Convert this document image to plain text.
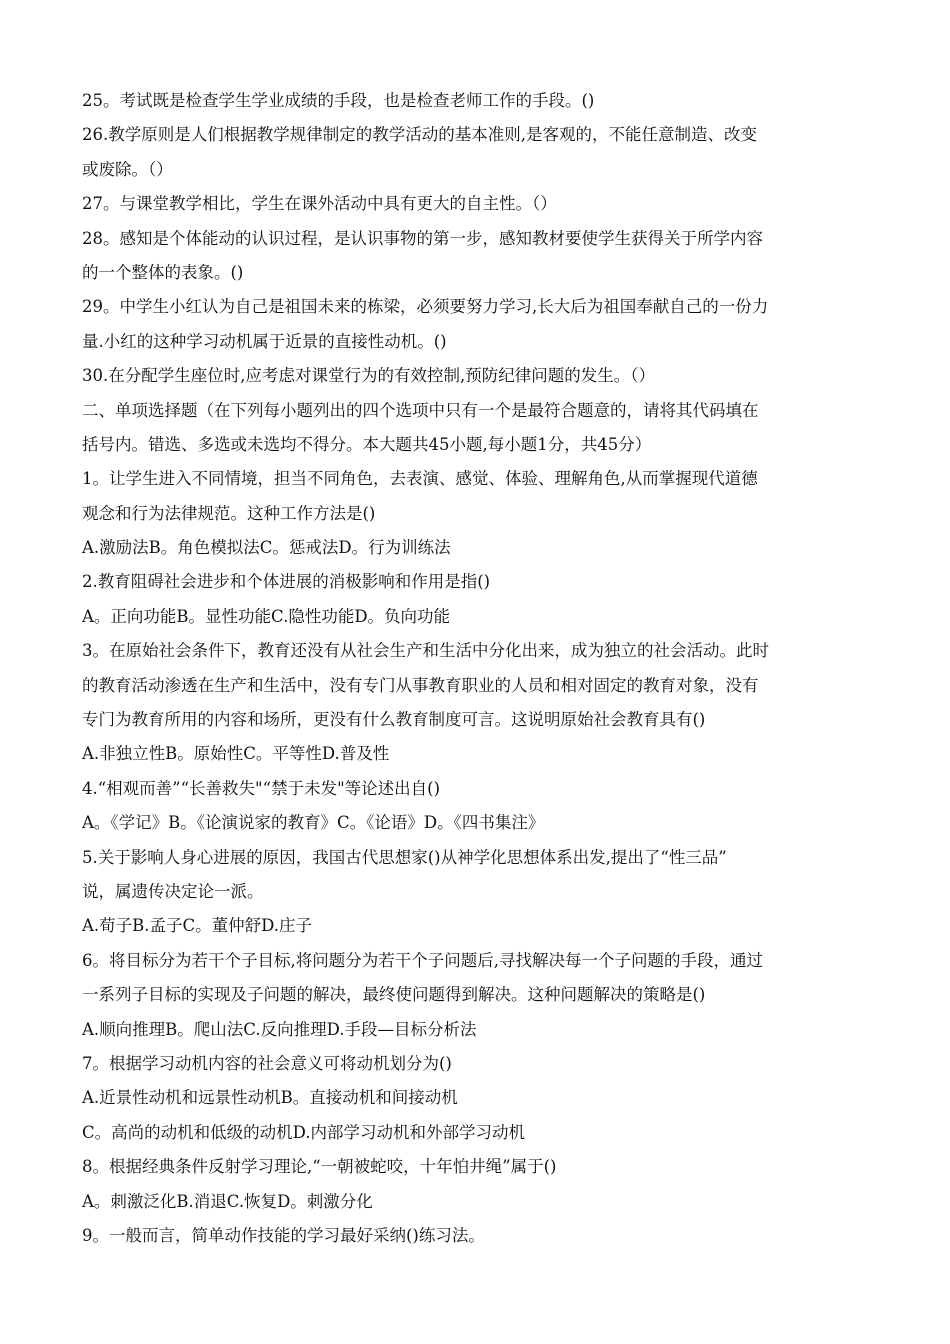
25。考试既是检查学生学业成绩的手段，也是检查老师工作的手段。()
26.教学原则是人们根据教学规律制定的教学活动的基本准则,是客观的，不能任意制造、改变
或废除。（）
27。与课堂教学相比，学生在课外活动中具有更大的自主性。（）
28。感知是个体能动的认识过程，是认识事物的第一步，感知教材要使学生获得关于所学内容
的一个整体的表象。()
29。中学生小红认为自己是祖国未来的栋梁，必须要努力学习,长大后为祖国奉献自己的一份力
量.小红的这种学习动机属于近景的直接性动机。()
30.在分配学生座位时,应考虑对课堂行为的有效控制,预防纪律问题的发生。（）
二、单项选择题（在下列每小题列出的四个选项中只有一个是最符合题意的，请将其代码填在
括号内。错选、多选或未选均不得分。本大题共45小题,每小题1分，共45分）
1。让学生进入不同情境，担当不同角色，去表演、感觉、体验、理解角色,从而掌握现代道德
观念和行为法律规范。这种工作方法是()
A.激励法B。角色模拟法C。惩戒法D。行为训练法
2.教育阻碍社会进步和个体进展的消极影响和作用是指()
A。正向功能B。显性功能C.隐性功能D。负向功能
3。在原始社会条件下，教育还没有从社会生产和生活中分化出来，成为独立的社会活动。此时
的教育活动渗透在生产和生活中，没有专门从事教育职业的人员和相对固定的教育对象，没有
专门为教育所用的内容和场所，更没有什么教育制度可言。这说明原始社会教育具有()
A.非独立性B。原始性C。平等性D.普及性
4.“相观而善”“长善救失"“禁于未发"等论述出自()
A。《学记》B。《论演说家的教育》C。《论语》D。《四书集注》
5.关于影响人身心进展的原因，我国古代思想家()从神学化思想体系出发,提出了“性三品”
说，属遗传决定论一派。
A.荀子B.孟子C。董仲舒D.庄子
6。将目标分为若干个子目标,将问题分为若干个子问题后,寻找解决每一个子问题的手段，通过
一系列子目标的实现及子问题的解决，最终使问题得到解决。这种问题解决的策略是()
A.顺向推理B。爬山法C.反向推理D.手段—目标分析法
7。根据学习动机内容的社会意义可将动机划分为()
A.近景性动机和远景性动机B。直接动机和间接动机
C。高尚的动机和低级的动机D.内部学习动机和外部学习动机
8。根据经典条件反射学习理论,“一朝被蛇咬，十年怕井绳”属于()
A。刺激泛化B.消退C.恢复D。刺激分化
9。一般而言，简单动作技能的学习最好采纳()练习法。
